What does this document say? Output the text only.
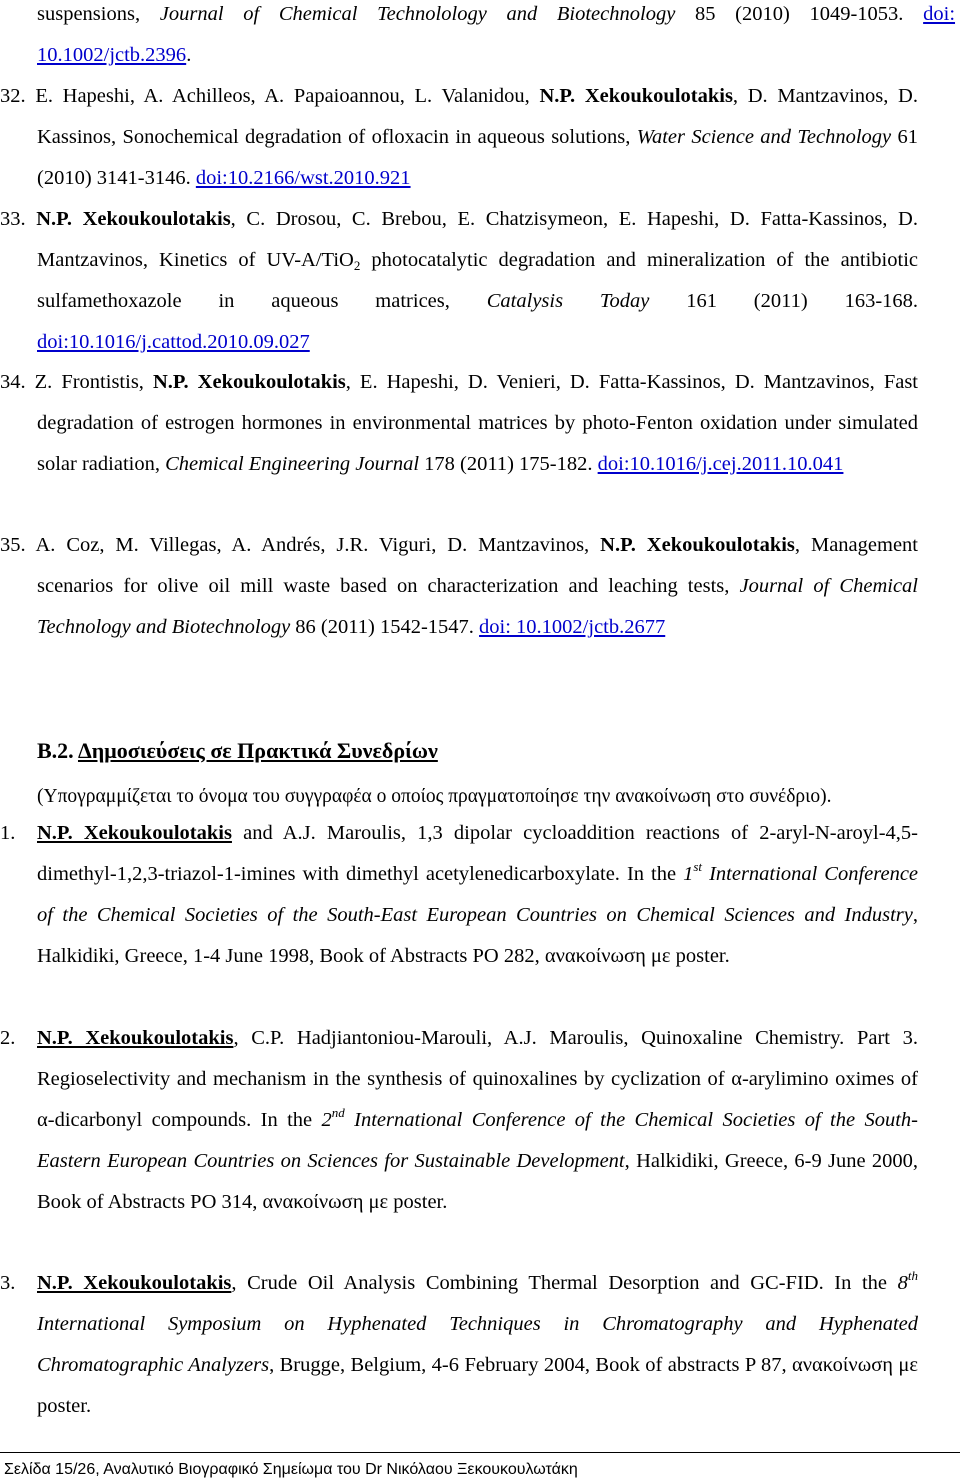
suspensions, Journal of Chemical Technolology and Biotechnology 85 (2010) 1049-1053. doi: 10.1002/jctb.2396.

32. E. Hapeshi, A. Achilleos, A. Papaioannou, L. Valanidou, N.P. Xekoukoulotakis, D. Mantzavinos, D. Kassinos, Sonochemical degradation of ofloxacin in aqueous solutions, Water Science and Technology 61 (2010) 3141-3146. doi:10.2166/wst.2010.921

33. N.P. Xekoukoulotakis, C. Drosou, C. Brebou, E. Chatzisymeon, E. Hapeshi, D. Fatta-Kassinos, D. Mantzavinos, Kinetics of UV-A/TiO$_2$ photocatalytic degradation and mineralization of the antibiotic sulfamethoxazole in aqueous matrices, Catalysis Today 161 (2011) 163-168. doi:10.1016/j.cattod.2010.09.027

34. Z. Frontistis, N.P. Xekoukoulotakis, E. Hapeshi, D. Venieri, D. Fatta-Kassinos, D. Mantzavinos, Fast degradation of estrogen hormones in environmental matrices by photo-Fenton oxidation under simulated solar radiation, Chemical Engineering Journal 178 (2011) 175-182. doi:10.1016/j.cej.2011.10.041

35. A. Coz, M. Villegas, A. Andrés, J.R. Viguri, D. Mantzavinos, N.P. Xekoukoulotakis, Management scenarios for olive oil mill waste based on characterization and leaching tests, Journal of Chemical Technology and Biotechnology 86 (2011) 1542-1547. doi: 10.1002/jctb.2677

Β.2. Δημοσιεύσεις σε Πρακτικά Συνεδρίων

(Υπογραμμίζεται το όνομα του συγγραφέα ο οποίος πραγματοποίησε την ανακοίνωση στο συνέδριο).

1. N.P. Xekoukoulotakis and A.J. Maroulis, 1,3 dipolar cycloaddition reactions of 2-aryl-N-aroyl-4,5-dimethyl-1,2,3-triazol-1-imines with dimethyl acetylenedicarboxylate. In the 1st International Conference of the Chemical Societies of the South-East European Countries on Chemical Sciences and Industry, Halkidiki, Greece, 1-4 June 1998, Book of Abstracts PO 282, ανακοίνωση με poster.

2. N.P. Xekoukoulotakis, C.P. Hadjiantoniou-Marouli, A.J. Maroulis, Quinoxaline Chemistry. Part 3. Regioselectivity and mechanism in the synthesis of quinoxalines by cyclization of α-arylimino oximes of α-dicarbonyl compounds. In the 2nd International Conference of the Chemical Societies of the South-Eastern European Countries on Sciences for Sustainable Development, Halkidiki, Greece, 6-9 June 2000, Book of Abstracts PO 314, ανακοίνωση με poster.

3. N.P. Xekoukoulotakis, Crude Oil Analysis Combining Thermal Desorption and GC-FID. In the 8th International Symposium on Hyphenated Techniques in Chromatography and Hyphenated Chromatographic Analyzers, Brugge, Belgium, 4-6 February 2004, Book of abstracts P 87, ανακοίνωση με poster.

Σελίδα 15/26, Αναλυτικό Βιογραφικό Σημείωμα του Dr Νικόλαου Ξεκουκουλωτάκη
